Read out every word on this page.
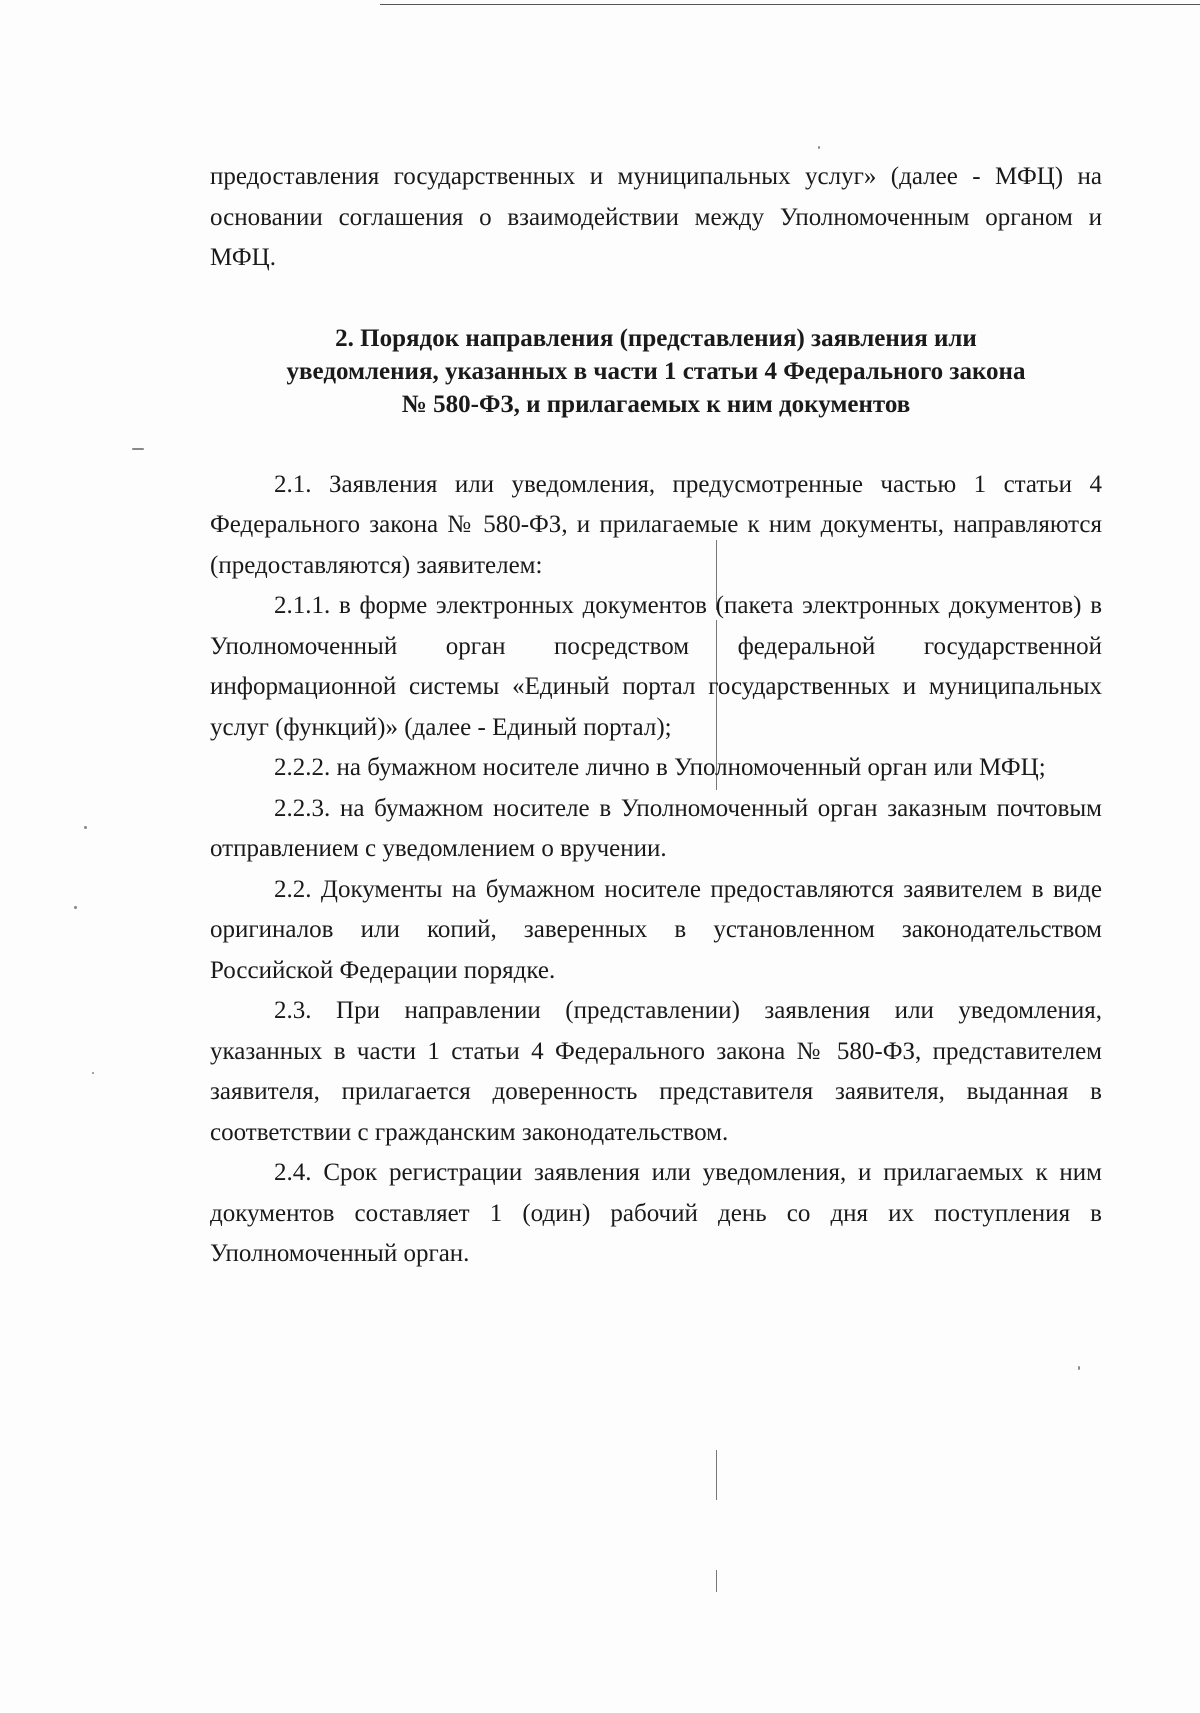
предоставления государственных и муниципальных услуг» (далее - МФЦ) на основании соглашения о взаимодействии между Уполномоченным органом и МФЦ.

2. Порядок направления (представления) заявления или
уведомления, указанных в части 1 статьи 4 Федерального закона
№ 580-ФЗ, и прилагаемых к ним документов

2.1. Заявления или уведомления, предусмотренные частью 1 статьи 4 Федерального закона № 580-ФЗ, и прилагаемые к ним документы, направляются (предоставляются) заявителем:

2.1.1. в форме электронных документов (пакета электронных документов) в Уполномоченный орган посредством федеральной государственной информационной системы «Единый портал государственных и муниципальных услуг (функций)» (далее - Единый портал);

2.2.2. на бумажном носителе лично в Уполномоченный орган или МФЦ;

2.2.3. на бумажном носителе в Уполномоченный орган заказным почтовым отправлением с уведомлением о вручении.

2.2. Документы на бумажном носителе предоставляются заявителем в виде оригиналов или копий, заверенных в установленном законодательством Российской Федерации порядке.

2.3. При направлении (представлении) заявления или уведомления, указанных в части 1 статьи 4 Федерального закона № 580-ФЗ, представителем заявителя, прилагается доверенность представителя заявителя, выданная в соответствии с гражданским законодательством.

2.4. Срок регистрации заявления или уведомления, и прилагаемых к ним документов составляет 1 (один) рабочий день со дня их поступления в Уполномоченный орган.
